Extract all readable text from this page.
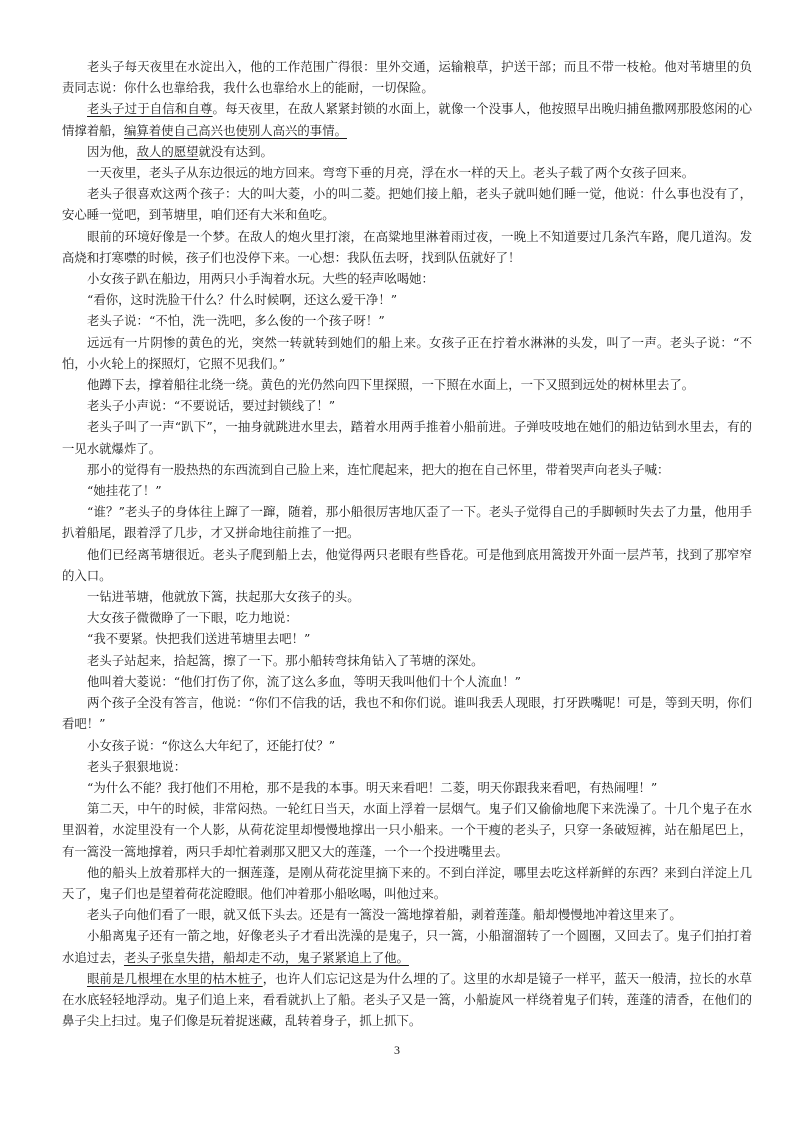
老头子每天夜里在水淀出入，他的工作范围广得很：里外交通，运输粮草，护送干部；而且不带一枝枪。他对苇塘里的负责同志说：你什么也靠给我，我什么也靠给水上的能耐，一切保险。

老头子过于自信和自尊。每天夜里，在敌人紧紧封锁的水面上，就像一个没事人，他按照早出晚归捕鱼撒网那股悠闲的心情撑着船，编算着使自己高兴也使别人高兴的事情。

因为他，敌人的愿望就没有达到。

一天夜里，老头子从东边很远的地方回来。弯弯下垂的月亮，浮在水一样的天上。老头子载了两个女孩子回来。

老头子很喜欢这两个孩子：大的叫大菱，小的叫二菱。把她们接上船，老头子就叫她们睡一觉，他说：什么事也没有了，安心睡一觉吧，到苇塘里，咱们还有大米和鱼吃。

眼前的环境好像是一个梦。在敌人的炮火里打滚，在高粱地里淋着雨过夜，一晚上不知道要过几条汽车路，爬几道沟。发高烧和打寒噤的时候，孩子们也没停下来。一心想：我队伍去呀，找到队伍就好了！

小女孩子趴在船边，用两只小手淘着水玩。大些的轻声吆喝她：

“看你，这时洗脸干什么？什么时候啊，还这么爱干净！”

老头子说：“不怕，洗一洗吧，多么俊的一个孩子呀！”

远远有一片阴惨的黄色的光，突然一转就转到她们的船上来。女孩子正在拧着水淋淋的头发，叫了一声。老头子说：“不怕，小火轮上的探照灯，它照不见我们。”

他蹲下去，撑着船往北绕一绕。黄色的光仍然向四下里探照，一下照在水面上，一下又照到远处的树林里去了。

老头子小声说：“不要说话，要过封锁线了！”

老头子叫了一声“趴下”，一抽身就跳进水里去，踏着水用两手推着小船前进。子弹吱吱地在她们的船边钻到水里去，有的一见水就爆炸了。

那小的觉得有一股热热的东西流到自己脸上来，连忙爬起来，把大的抱在自己怀里，带着哭声向老头子喊：

“她挂花了！”

“谁？”老头子的身体往上蹿了一蹿，随着，那小船很厉害地仄歪了一下。老头子觉得自己的手脚顿时失去了力量，他用手扒着船尾，跟着浮了几步，才又拼命地往前推了一把。

他们已经离苇塘很近。老头子爬到船上去，他觉得两只老眼有些昏花。可是他到底用篙拨开外面一层芦苇，找到了那窄窄的入口。

一钻进苇塘，他就放下篙，扶起那大女孩子的头。

大女孩子微微睁了一下眼，吃力地说：

“我不要紧。快把我们送进苇塘里去吧！”

老头子站起来，拾起篙，擦了一下。那小船转弯抹角钻入了苇塘的深处。

他叫着大菱说：“他们打伤了你，流了这么多血，等明天我叫他们十个人流血！”

两个孩子全没有答言，他说：“你们不信我的话，我也不和你们说。谁叫我丢人现眼，打牙跌嘴呢！可是，等到天明，你们看吧！”

小女孩子说：“你这么大年纪了，还能打仗？”

老头子狠狠地说：

“为什么不能？我打他们不用枪，那不是我的本事。明天来看吧！二菱，明天你跟我来看吧，有热闹哩！”

第二天，中午的时候，非常闷热。一轮红日当天，水面上浮着一层烟气。鬼子们又偷偷地爬下来洗澡了。十几个鬼子在水里泅着，水淀里没有一个人影，从荷花淀里却慢慢地撑出一只小船来。一个干瘦的老头子，只穿一条破短裤，站在船尾巴上，有一篙没一篙地撑着，两只手却忙着剥那又肥又大的莲蓬，一个一个投进嘴里去。

他的船头上放着那样大的一捆莲蓬，是刚从荷花淀里摘下来的。不到白洋淀，哪里去吃这样新鲜的东西？来到白洋淀上几天了，鬼子们也是望着荷花淀瞪眼。他们冲着那小船吆喝，叫他过来。

老头子向他们看了一眼，就又低下头去。还是有一篙没一篙地撑着船，剥着莲蓬。船却慢慢地冲着这里来了。

小船离鬼子还有一箭之地，好像老头子才看出洗澡的是鬼子，只一篙，小船溜溜转了一个圆圈，又回去了。鬼子们拍打着水追过去，老头子张皇失措，船却走不动，鬼子紧紧追上了他。

眼前是几根埋在水里的枯木桩子，也许人们忘记这是为什么埋的了。这里的水却是镜子一样平，蓝天一般清，拉长的水草在水底轻轻地浮动。鬼子们追上来，看看就扒上了船。老头子又是一篙，小船旋风一样绕着鬼子们转，莲蓬的清香，在他们的鼻子尖上扫过。鬼子们像是玩着捉迷藏，乱转着身子，抓上抓下。

3
